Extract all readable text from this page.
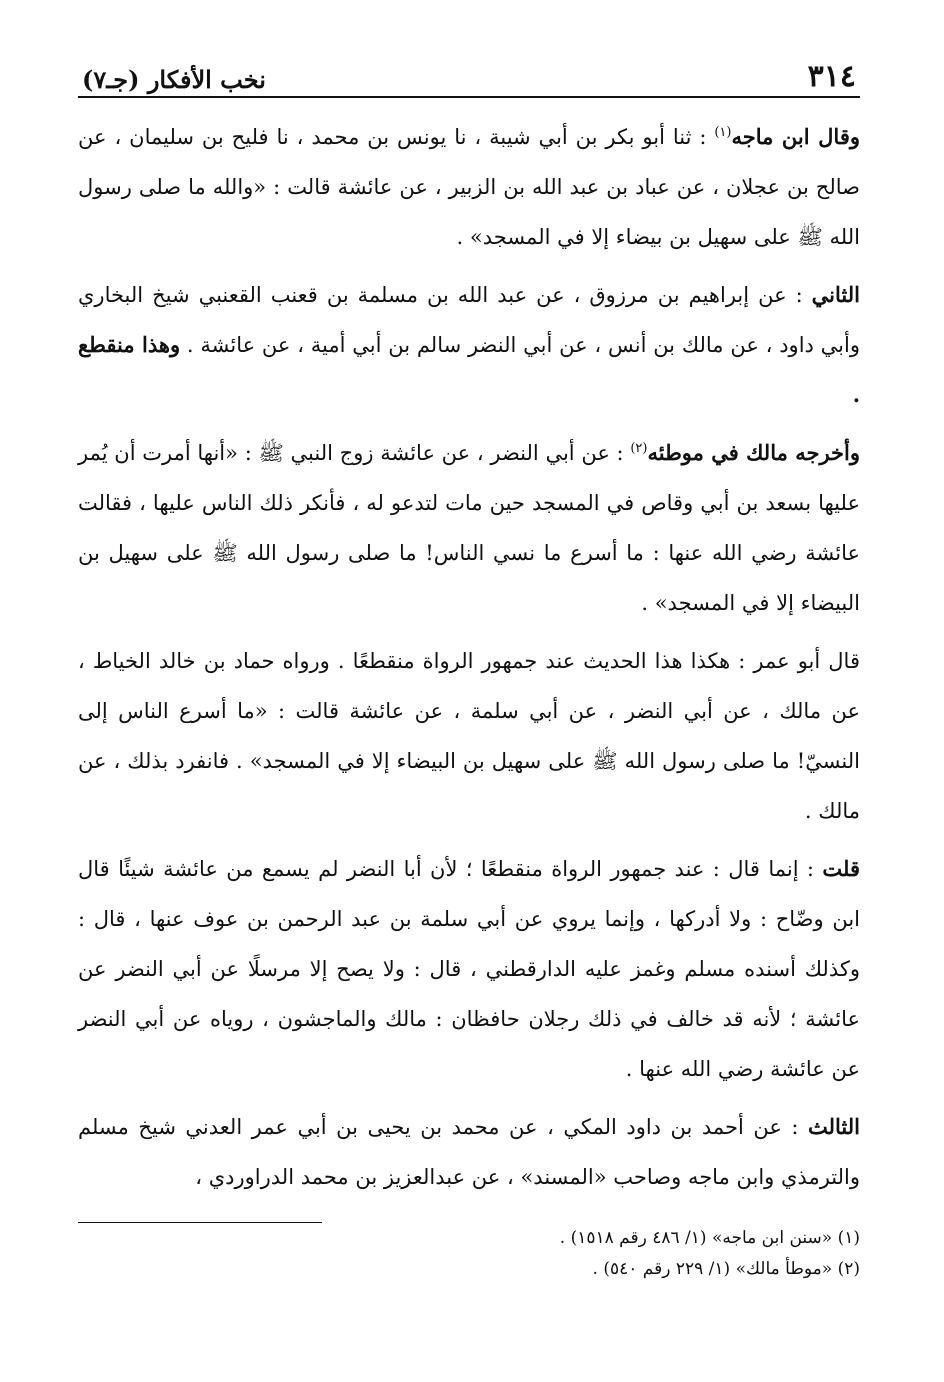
٣١٤
نخب الأفكار (جـ٧)

وقال ابن ماجه$^{(١)}$ : ثنا أبو بكر بن أبي شيبة ، نا يونس بن محمد ، نا فليح بن سليمان ، عن صالح بن عجلان ، عن عباد بن عبد الله بن الزبير ، عن عائشة قالت : «والله ما صلى رسول الله ﷺ على سهيل بن بيضاء إلا في المسجد» .

الثاني : عن إبراهيم بن مرزوق ، عن عبد الله بن مسلمة بن قعنب القعنبي شيخ البخاري وأبي داود ، عن مالك بن أنس ، عن أبي النضر سالم بن أبي أمية ، عن عائشة . وهذا منقطع .

وأخرجه مالك في موطئه$^{(٢)}$ : عن أبي النضر ، عن عائشة زوج النبي ﷺ : «أنها أمرت أن يُمر عليها بسعد بن أبي وقاص في المسجد حين مات لتدعو له ، فأنكر ذلك الناس عليها ، فقالت عائشة رضي الله عنها : ما أسرع ما نسي الناس! ما صلى رسول الله ﷺ على سهيل بن البيضاء إلا في المسجد» .

قال أبو عمر : هكذا هذا الحديث عند جمهور الرواة منقطعًا . ورواه حماد بن خالد الخياط ، عن مالك ، عن أبي النضر ، عن أبي سلمة ، عن عائشة قالت : «ما أسرع الناس إلى النسيّ! ما صلى رسول الله ﷺ على سهيل بن البيضاء إلا في المسجد» . فانفرد بذلك ، عن مالك .

قلت : إنما قال : عند جمهور الرواة منقطعًا ؛ لأن أبا النضر لم يسمع من عائشة شيئًا قال ابن وضّاح : ولا أدركها ، وإنما يروي عن أبي سلمة بن عبد الرحمن بن عوف عنها ، قال : وكذلك أسنده مسلم وغمز عليه الدارقطني ، قال : ولا يصح إلا مرسلًا عن أبي النضر عن عائشة ؛ لأنه قد خالف في ذلك رجلان حافظان : مالك والماجشون ، روياه عن أبي النضر عن عائشة رضي الله عنها .

الثالث : عن أحمد بن داود المكي ، عن محمد بن يحيى بن أبي عمر العدني شيخ مسلم والترمذي وابن ماجه وصاحب «المسند» ، عن عبدالعزيز بن محمد الدراوردي ،

(١) «سنن ابن ماجه» (١/ ٤٨٦ رقم ١٥١٨) .

(٢) «موطأ مالك» (١/ ٢٢٩ رقم ٥٤٠) .
